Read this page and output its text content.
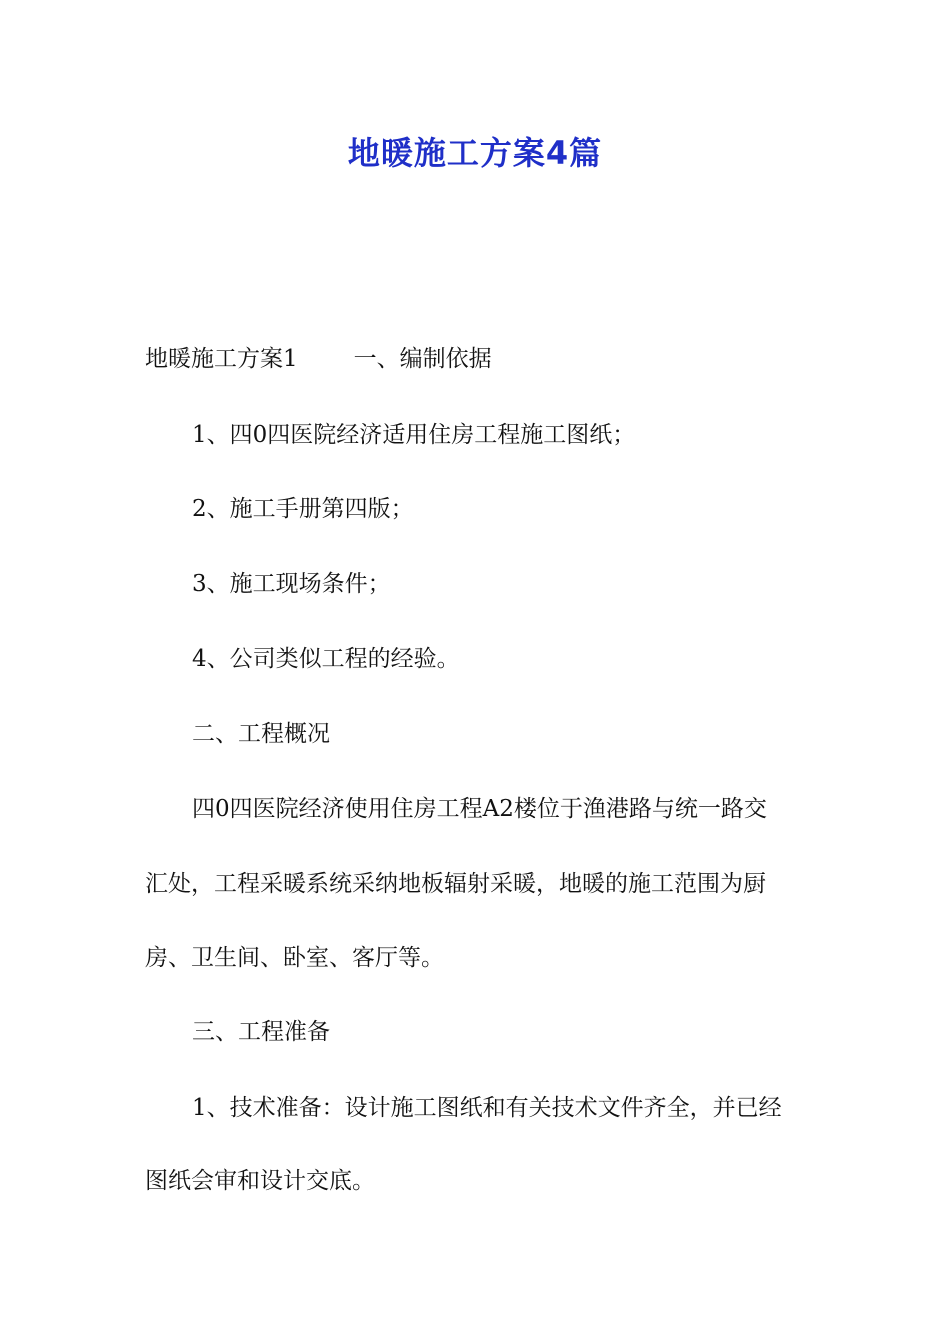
地暖施工方案4篇

地暖施工方案1 一、编制依据

1、四0四医院经济适用住房工程施工图纸；

2、施工手册第四版；

3、施工现场条件；

4、公司类似工程的经验。

二、工程概况

四0四医院经济使用住房工程A2楼位于渔港路与统一路交

汇处，工程采暖系统采纳地板辐射采暖，地暖的施工范围为厨

房、卫生间、卧室、客厅等。

三、工程准备

1、技术准备：设计施工图纸和有关技术文件齐全，并已经

图纸会审和设计交底。
